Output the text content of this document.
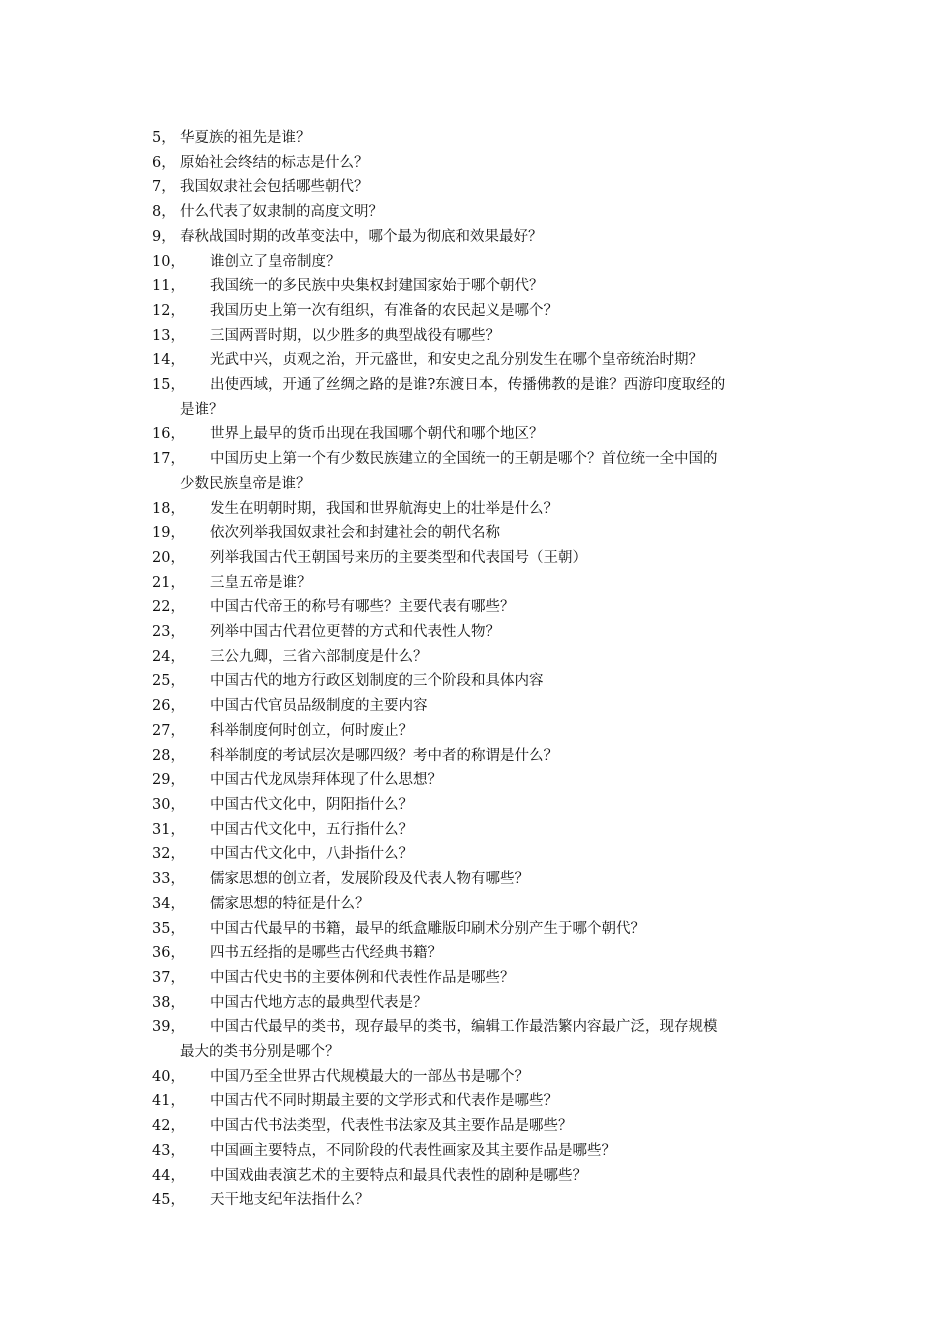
5， 华夏族的祖先是谁？
6， 原始社会终结的标志是什么？
7， 我国奴隶社会包括哪些朝代？
8， 什么代表了奴隶制的高度文明？
9， 春秋战国时期的改革变法中，哪个最为彻底和效果最好？
10，	谁创立了皇帝制度？
11，	我国统一的多民族中央集权封建国家始于哪个朝代？
12，	我国历史上第一次有组织，有准备的农民起义是哪个？
13，	三国两晋时期，以少胜多的典型战役有哪些？
14，	光武中兴，贞观之治，开元盛世，和安史之乱分别发生在哪个皇帝统治时期？
15， 出使西域，开通了丝绸之路的是谁?东渡日本，传播佛教的是谁？西游印度取经的
是谁？
16，	世界上最早的货币出现在我国哪个朝代和哪个地区？
17， 中国历史上第一个有少数民族建立的全国统一的王朝是哪个？首位统一全中国的
少数民族皇帝是谁？
18，	发生在明朝时期，我国和世界航海史上的壮举是什么？
19，	依次列举我国奴隶社会和封建社会的朝代名称
20，	列举我国古代王朝国号来历的主要类型和代表国号（王朝）
21，	三皇五帝是谁？
22，	中国古代帝王的称号有哪些？主要代表有哪些？
23，	列举中国古代君位更替的方式和代表性人物？
24，	三公九卿，三省六部制度是什么？
25，	中国古代的地方行政区划制度的三个阶段和具体内容
26，	中国古代官员品级制度的主要内容
27，	科举制度何时创立，何时废止？
28，	科举制度的考试层次是哪四级？考中者的称谓是什么？
29，	中国古代龙凤崇拜体现了什么思想？
30，	中国古代文化中，阴阳指什么？
31，	中国古代文化中，五行指什么？
32，	中国古代文化中，八卦指什么？
33，	儒家思想的创立者，发展阶段及代表人物有哪些？
34，	儒家思想的特征是什么？
35，	中国古代最早的书籍，最早的纸盒雕版印刷术分别产生于哪个朝代？
36，	四书五经指的是哪些古代经典书籍？
37，	中国古代史书的主要体例和代表性作品是哪些？
38，	中国古代地方志的最典型代表是？
39， 中国古代最早的类书，现存最早的类书，编辑工作最浩繁内容最广泛，现存规模
最大的类书分别是哪个？
40，	中国乃至全世界古代规模最大的一部丛书是哪个？
41，	中国古代不同时期最主要的文学形式和代表作是哪些？
42，	中国古代书法类型，代表性书法家及其主要作品是哪些？
43，	中国画主要特点，不同阶段的代表性画家及其主要作品是哪些？
44，	中国戏曲表演艺术的主要特点和最具代表性的剧种是哪些？
45，	天干地支纪年法指什么？
